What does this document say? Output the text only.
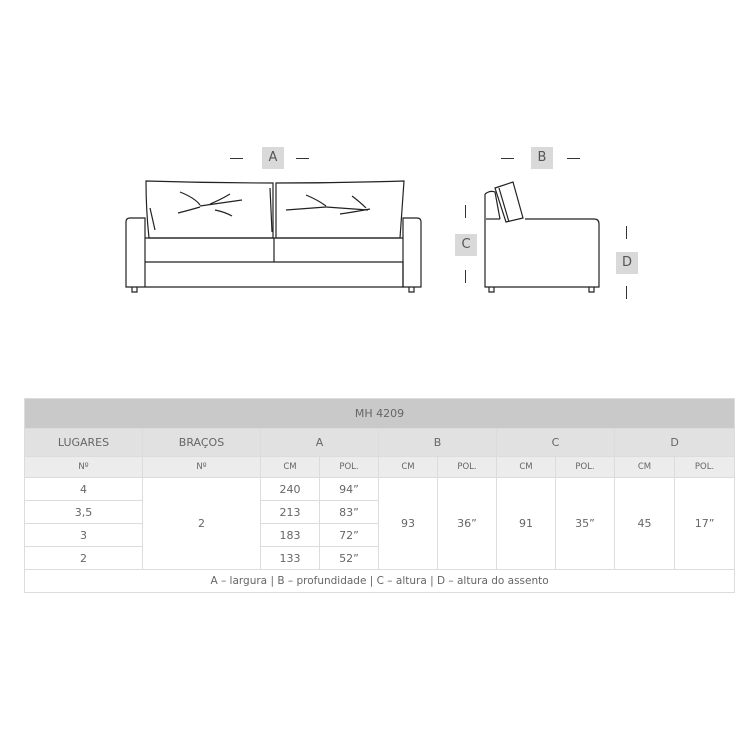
A	B
C
D
MH 4209									
LUGARES	BRAÇOS	A		B		C		D	
Nº	Nº	CM	POL.	CM	POL.	CM	POL.	CM	POL.
4	2	240	94”	93	36”	91	35”	45	17”
3,5		213	83”						
3		183	72”						
2		133	52”						
A – largura | B – profundidade | C – altura | D – altura do assento									
